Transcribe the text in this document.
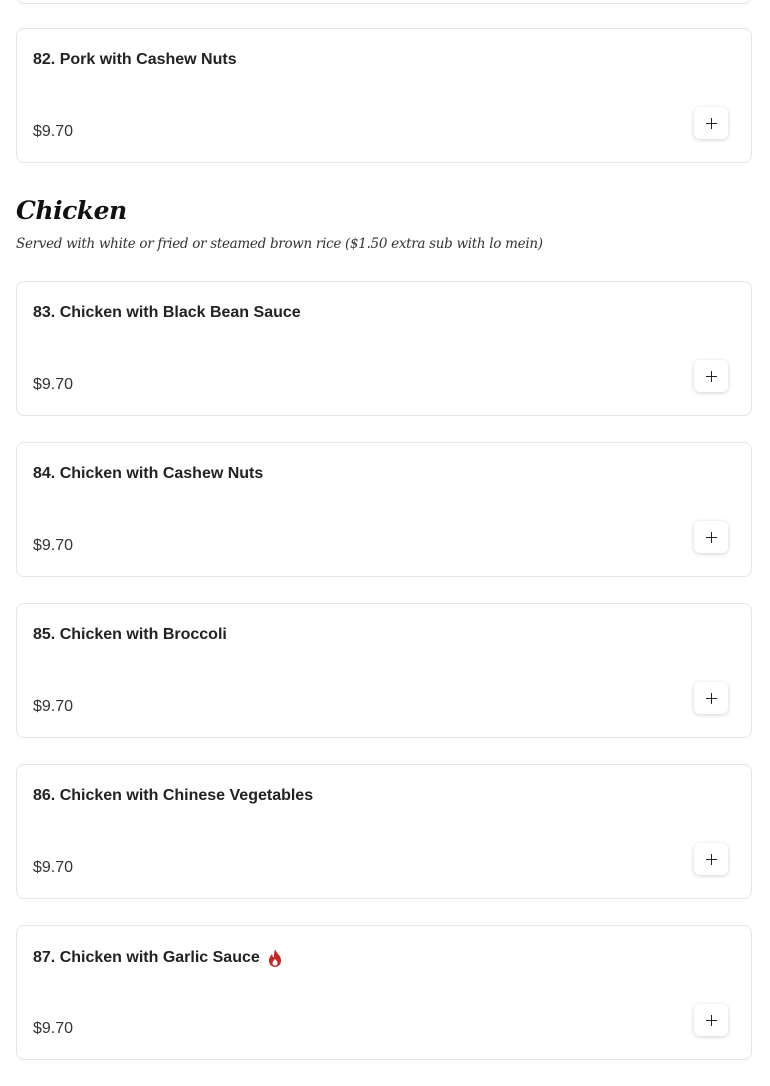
82. Pork with Cashew Nuts
$9.70
Chicken
Served with white or fried or steamed brown rice ($1.50 extra sub with lo mein)
83. Chicken with Black Bean Sauce
$9.70
84. Chicken with Cashew Nuts
$9.70
85. Chicken with Broccoli
$9.70
86. Chicken with Chinese Vegetables
$9.70
87. Chicken with Garlic Sauce
$9.70
